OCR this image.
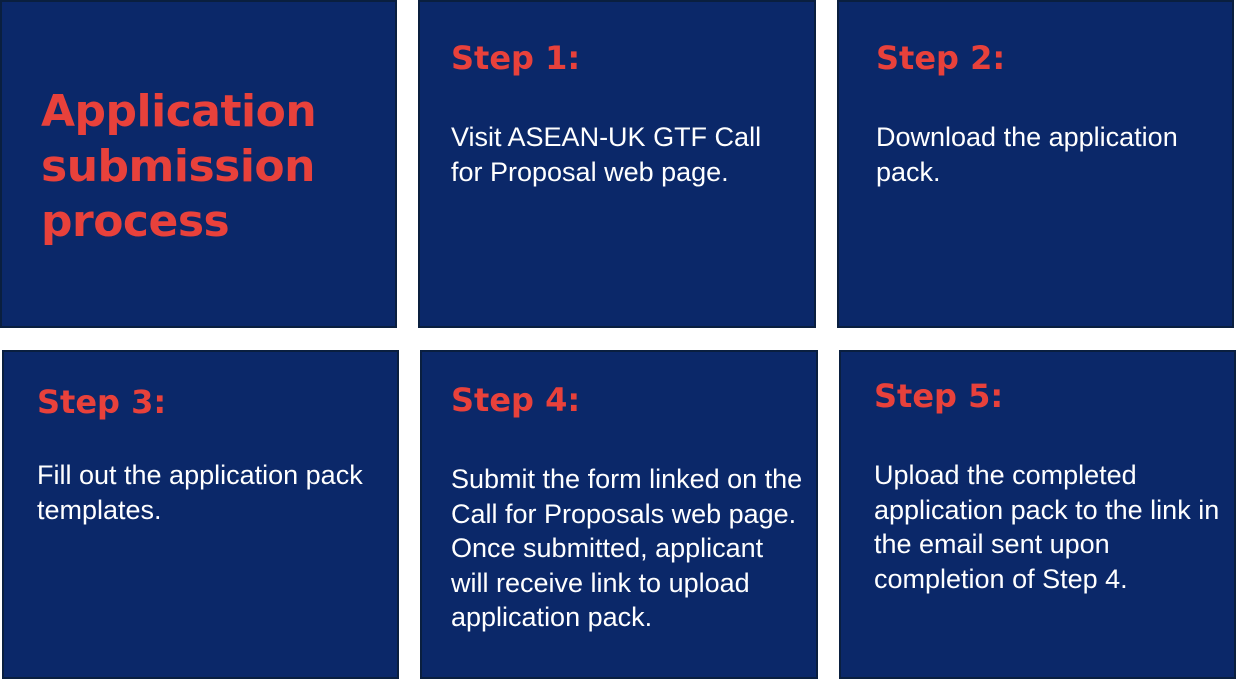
Application
submission
process
Step 1:

Visit ASEAN-UK GTF Call for Proposal web page.

Step 2:

Download the application pack.

Step 3:

Fill out the application pack templates.

Step 4:

Submit the form linked on the Call for Proposals web page. Once submitted, applicant will receive link to upload application pack.

Step 5:

Upload the completed application pack to the link in the email sent upon completion of Step 4.
